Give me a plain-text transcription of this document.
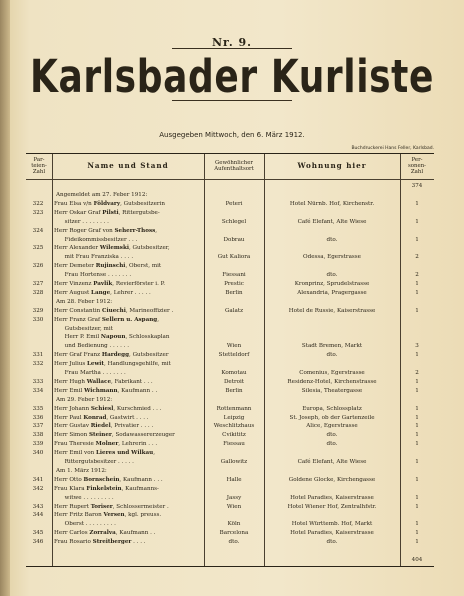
Nr. 9.
Karlsbader Kurliste
Ausgegeben Mittwoch, den 6. März 1912.
Buchdruckerei Hans Feller, Karlsbad.
Par-
teien-
Zahl
Name und Stand	Gewöhnlicher
Aufenthaltsort	Wohnung hier
Per-
sonen-
Zahl
374
Angemeldet am 27. Feber 1912:
322	Frau Elsa v/n Földvary, Gutsbesitzerin	Peteri	Hotel Nürnb. Hof, Kirchenstr.	1
323	Herr Oskar Graf Pilsti, Rittergutsbe-
sitzer . . . . . . . .	Schlegel	Café Elefant, Alte Wiese	1
324	Herr Roger Graf von Seherr-Thoss,
Fideikommissbesitzer . . .	Dobrau	dto.	1
325	Herr Alexander Wilemski, Gutsbesitzer,
mit Frau Franziska . . . .	Gut Kaliora	Odessa, Egerstrasse	2
326	Herr Demeter Rujinschi, Oberst, mit
Frau Hortense . . . . . . .	Fiessani	dto.	2
327	Herr Vinzenz Pavlik, Revierförster i. P.	Prestic	Kronprinz, Sprudelstrasse	1
328	Herr August Lange, Lehrer . . . . .	Berlin	Alexandria, Pragergasse	1
Am 28. Feber 1912:
329	Herr Constantin Ciuechi, Marineoffizier .	Galatz	Hotel de Russie, Kaiserstrasse	1
330	Herr Franz Graf Sellern u. Aspang,
Gutsbesitzer, mit
Herr P. Emil Napoun, Schlosskaplan
und Bedienung . . . . . .	Wien	Stadt Bremen, Markt	3
331	Herr Graf Franz Hardegg, Gutsbesitzer	Stetteldorf	dto.	1
332	Herr Julius Lewit, Handlungsgehilfe, mit
Frau Martha . . . . . . .	Komotau	Comenius, Egerstrasse	2
333	Herr Hugh Wallace, Fabrikant . . .	Detroit	Residenz-Hotel, Kirchenstrasse	1
334	Herr Emil Wichmann, Kaufmann . .	Berlin	Silesia, Theatergasse	1
Am 29. Feber 1912:
335	Herr Johann Schiesl, Kurschmied . . .	Rottenmann	Europa, Schlossplatz	1
336	Herr Paul Konrad, Gastwirt . . . .	Leipzig	St. Joseph, ob der Gartenzeile	1
337	Herr Gustav Riedel, Privatier . . . .	Weschlitzhaus	Alice, Egerstrasse	1
338	Herr Simon Steiner, Sodawassererzeuger	Cvikititz	dto.	1
339	Frau Theresie Molner, Lehrerin . . .	Fiessau	dto.	1
340	Herr Emil von Lieres und Wilkau,
Rittergutsbesitzer . . . . .	Gallowitz	Café Elefant, Alte Wiese	1
Am 1. März 1912:
341	Herr Otto Bornschein, Kaufmann . . .	Halle	Goldene Glocke, Kirchengasse	1
342	Frau Klara Finkelstein, Kaufmanns-
witwe . . . . . . . . .	Jassy	Hotel Paradies, Kaiserstrasse	1
343	Herr Rupert Toriser, Schlossermeister .	Wien	Hotel Wiener Hof, Zentralhfstr.	1
344	Herr Fritz Baron Versen, kgl. preuss.
Oberst . . . . . . . . .	Köln	Hotel Württemb. Hof, Markt	1
345	Herr Carlos Zorralva, Kaufmann . .	Barcelona	Hotel Paradies, Kaiserstrasse	1
346	Frau Rosario Streitberger . . . .	dto.	dto.	1
404
